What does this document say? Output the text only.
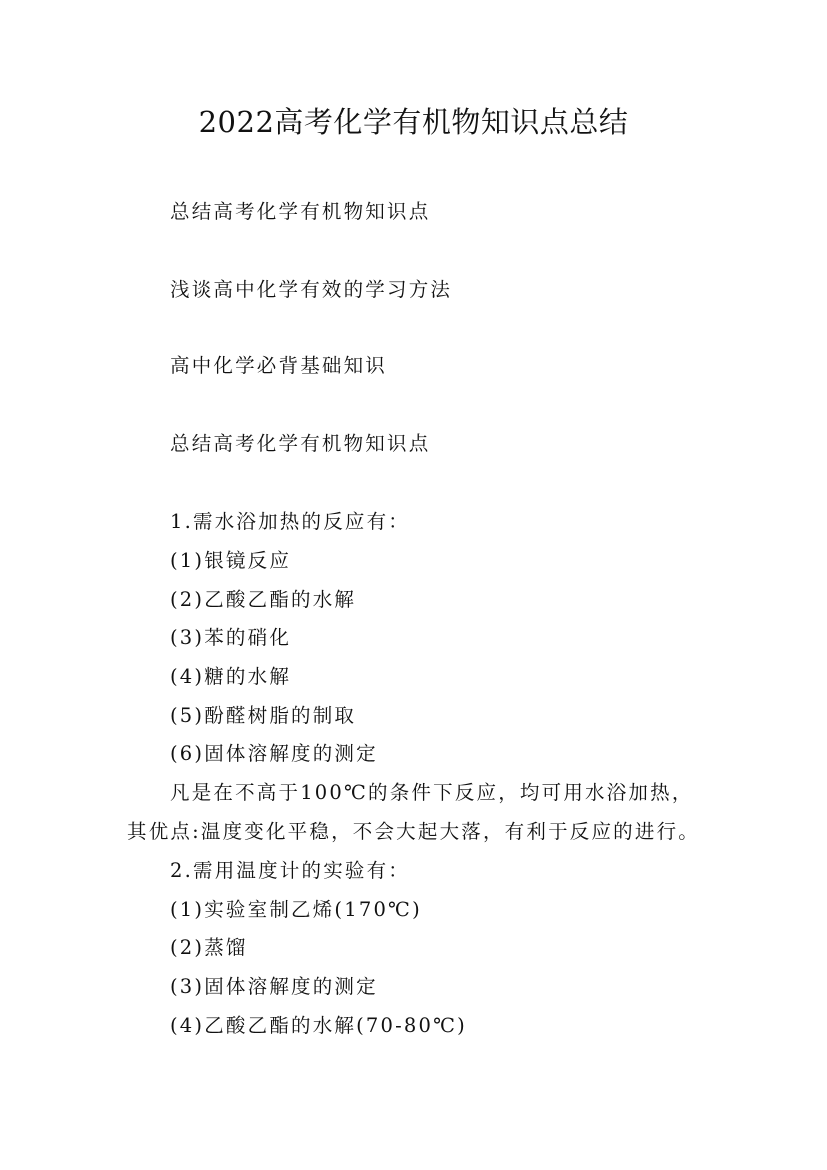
2022高考化学有机物知识点总结
总结高考化学有机物知识点
浅谈高中化学有效的学习方法
高中化学必背基础知识
总结高考化学有机物知识点
1.需水浴加热的反应有：
(1)银镜反应
(2)乙酸乙酯的水解
(3)苯的硝化
(4)糖的水解
(5)酚醛树脂的制取
(6)固体溶解度的测定
凡是在不高于100℃的条件下反应，均可用水浴加热，
其优点:温度变化平稳，不会大起大落，有利于反应的进行。
2.需用温度计的实验有：
(1)实验室制乙烯(170℃)
(2)蒸馏
(3)固体溶解度的测定
(4)乙酸乙酯的水解(70-80℃)
